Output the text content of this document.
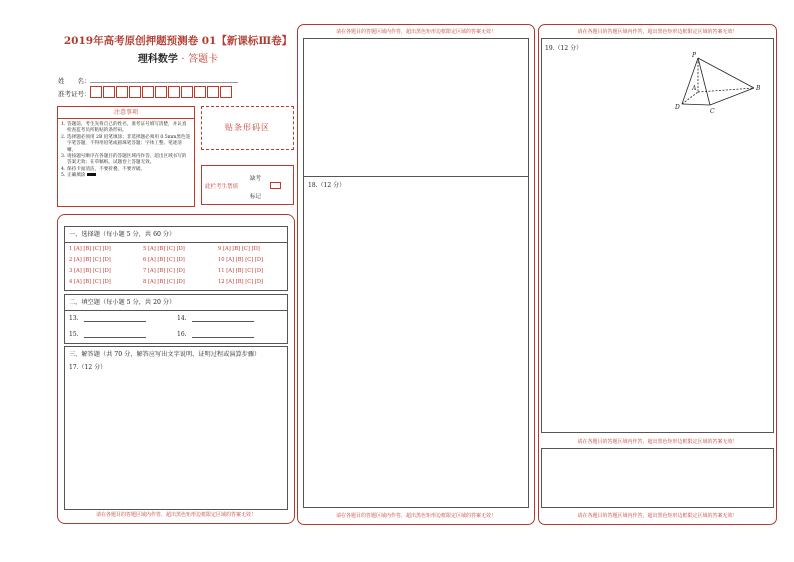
2019年高考原创押题预测卷 01【新课标Ⅲ卷】
理科数学 · 答题卡
姓　　名：
准考证号：
注意事项
1. 答题前，考生先将自己的姓名，准考证号填写清楚，并认真检查监考员所粘贴的条形码。
2. 选择题必须用 2B 铅笔填涂；非选择题必须用 0.5mm黑色签字笔答题，不得用铅笔或圆珠笔答题；字体工整、笔迹清晰。
3. 请按题号顺序在各题目的答题区域内作答，超出区域书写的答案无效；在草稿纸、试题卷上答题无效。
4. 保持卡面清洁，不要折叠、不要弄破。
5. 正确填涂
贴条形码区
缺考
此栏考生禁填
标记
一、选择题（每小题 5 分，共 60 分）
1 [A] [B] [C] [D]
2 [A] [B] [C] [D]
3 [A] [B] [C] [D]
4 [A] [B] [C] [D]
5 [A] [B] [C] [D]
6 [A] [B] [C] [D]
7 [A] [B] [C] [D]
8 [A] [B] [C] [D]
9 [A] [B] [C] [D]
10 [A] [B] [C] [D]
11 [A] [B] [C] [D]
12 [A] [B] [C] [D]
二、填空题（每小题 5 分，共 20 分）
13.	14.
15.	16.
三、解答题（共 70 分，解答应写出文字说明、证明过程或演算步骤）
17.（12 分）
请在各题目的答题区域内作答，超出黑色矩形边框限定区域的答案无效！
请在各题目的答题区域内作答，超出黑色矩形边框限定区域的答案无效！
18.（12 分）
请在各题目的答题区域内作答，超出黑色矩形边框限定区域的答案无效！
请在各题目的答题区域内作答，超出黑色矩形边框限定区域的答案无效！
19.（12 分）
P
A	B
C
D
请在各题目的答题区域内作答，超出黑色矩形边框限定区域的答案无效！
请在各题目的答题区域内作答，超出黑色矩形边框限定区域的答案无效！
